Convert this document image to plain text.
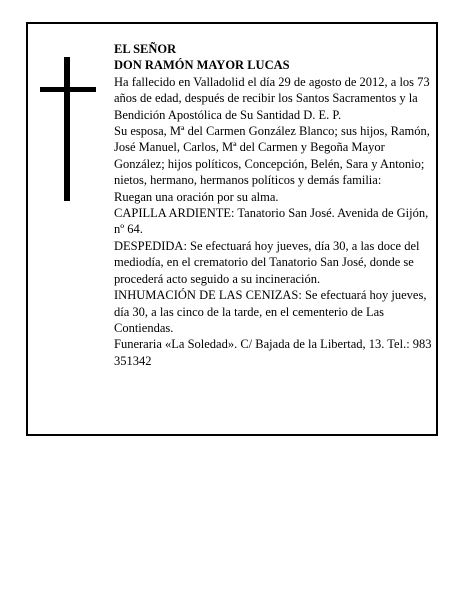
EL SEÑOR

DON RAMÓN MAYOR LUCAS

Ha fallecido en Valladolid el día 29 de agosto de 2012, a los 73 años de edad, después de recibir los Santos Sacramentos y la Bendición Apostólica de Su Santidad D. E. P.

Su esposa, Mª del Carmen González Blanco; sus hijos, Ramón, José Manuel, Carlos, Mª del Carmen y Begoña Mayor González; hijos políticos, Concepción, Belén, Sara y Antonio; nietos, hermano, hermanos políticos y demás familia:

Ruegan una oración por su alma.

CAPILLA ARDIENTE: Tanatorio San José. Avenida de Gijón, nº 64.

DESPEDIDA: Se efectuará hoy jueves, día 30, a las doce del mediodía, en el crematorio del Tanatorio San José, donde se procederá acto seguido a su incineración.

INHUMACIÓN DE LAS CENIZAS: Se efectuará hoy jueves, día 30, a las cinco de la tarde, en el cementerio de Las Contiendas.

Funeraria «La Soledad». C/ Bajada de la Libertad, 13. Tel.: 983 351342
